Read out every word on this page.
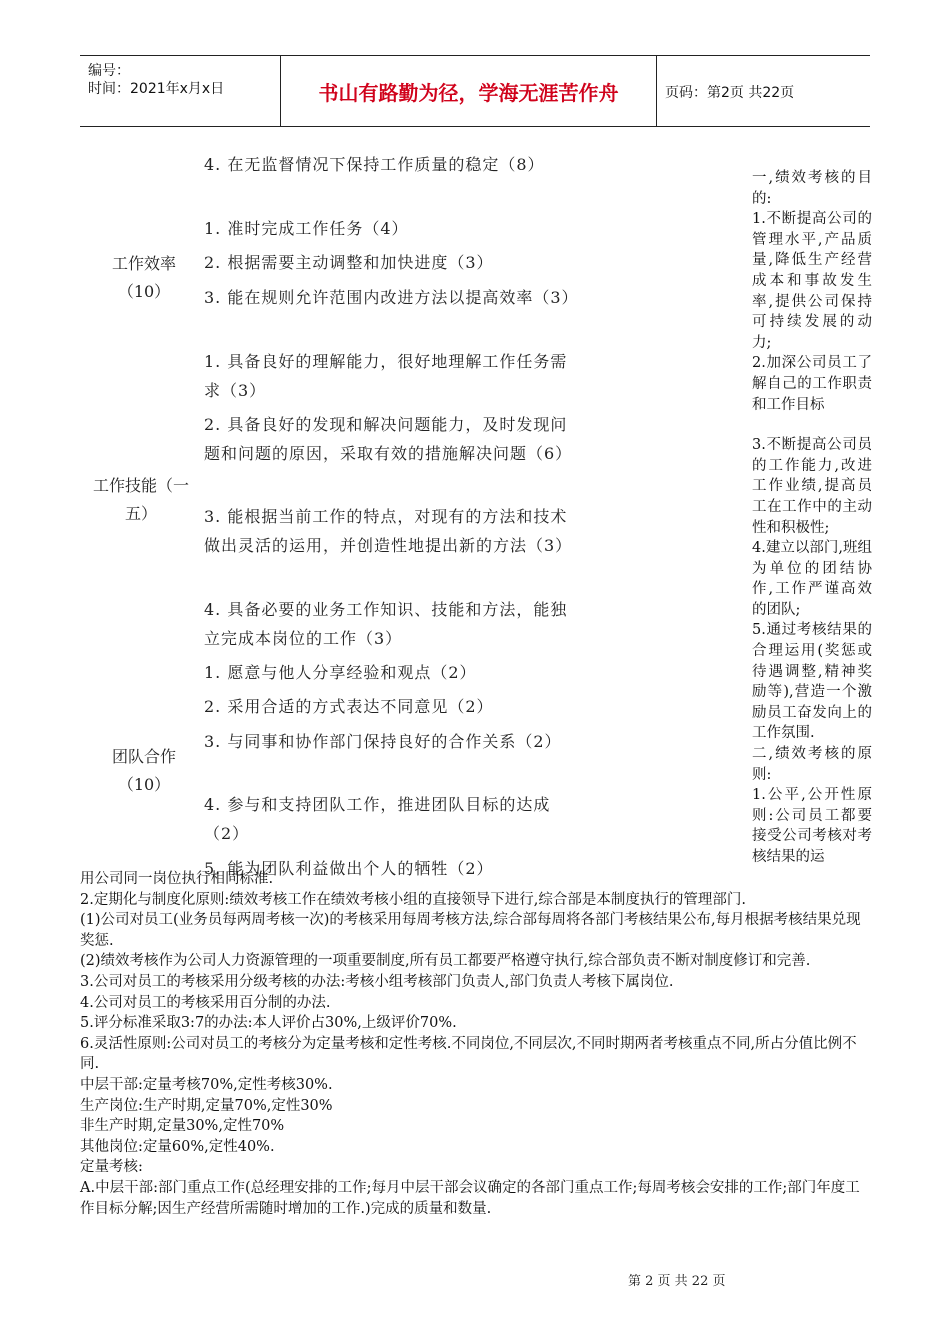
编号：
时间：2021年x月x日	书山有路勤为径，学海无涯苦作舟	页码：第2页 共22页
工作效率
（10）
工作技能（一
五）
团队合作
（10）
4. 在无监督情况下保持工作质量的稳定（8）
1. 准时完成工作任务（4）
2. 根据需要主动调整和加快进度（3）
3. 能在规则允许范围内改进方法以提高效率（3）
1. 具备良好的理解能力，很好地理解工作任务需求（3）
2. 具备良好的发现和解决问题能力，及时发现问题和问题的原因，采取有效的措施解决问题（6）
3. 能根据当前工作的特点，对现有的方法和技术做出灵活的运用，并创造性地提出新的方法（3）
4. 具备必要的业务工作知识、技能和方法，能独立完成本岗位的工作（3）
1. 愿意与他人分享经验和观点（2）
2. 采用合适的方式表达不同意见（2）
3. 与同事和协作部门保持良好的合作关系（2）
4. 参与和支持团队工作，推进团队目标的达成（2）
5. 能为团队利益做出个人的牺牲（2）

一,绩效考核的目的:

1.不断提高公司的管理水平,产品质量,降低生产经营成本和事故发生率,提供公司保持可持续发展的动力;

2.加深公司员工了解自己的工作职责和工作目标

3.不断提高公司员的工作能力,改进工作业绩,提高员工在工作中的主动性和积极性;

4.建立以部门,班组为单位的团结协作,工作严谨高效的团队;

5.通过考核结果的合理运用(奖惩或待遇调整,精神奖励等),营造一个激励员工奋发向上的工作氛围.

二,绩效考核的原则:

1.公平,公开性原则:公司员工都要接受公司考核对考核结果的运

用公司同一岗位执行相同标准.

2.定期化与制度化原则:绩效考核工作在绩效考核小组的直接领导下进行,综合部是本制度执行的管理部门.

(1)公司对员工(业务员每两周考核一次)的考核采用每周考核方法,综合部每周将各部门考核结果公布,每月根据考核结果兑现奖惩.

(2)绩效考核作为公司人力资源管理的一项重要制度,所有员工都要严格遵守执行,综合部负责不断对制度修订和完善.

3.公司对员工的考核采用分级考核的办法:考核小组考核部门负责人,部门负责人考核下属岗位.

4.公司对员工的考核采用百分制的办法.

5.评分标准采取3:7的办法:本人评价占30%,上级评价70%.

6.灵活性原则:公司对员工的考核分为定量考核和定性考核.不同岗位,不同层次,不同时期两者考核重点不同,所占分值比例不同.

中层干部:定量考核70%,定性考核30%.

生产岗位:生产时期,定量70%,定性30%

非生产时期,定量30%,定性70%

其他岗位:定量60%,定性40%.

定量考核:

A.中层干部:部门重点工作(总经理安排的工作;每月中层干部会议确定的各部门重点工作;每周考核会安排的工作;部门年度工作目标分解;因生产经营所需随时增加的工作.)完成的质量和数量.

第 2 页 共 22 页
